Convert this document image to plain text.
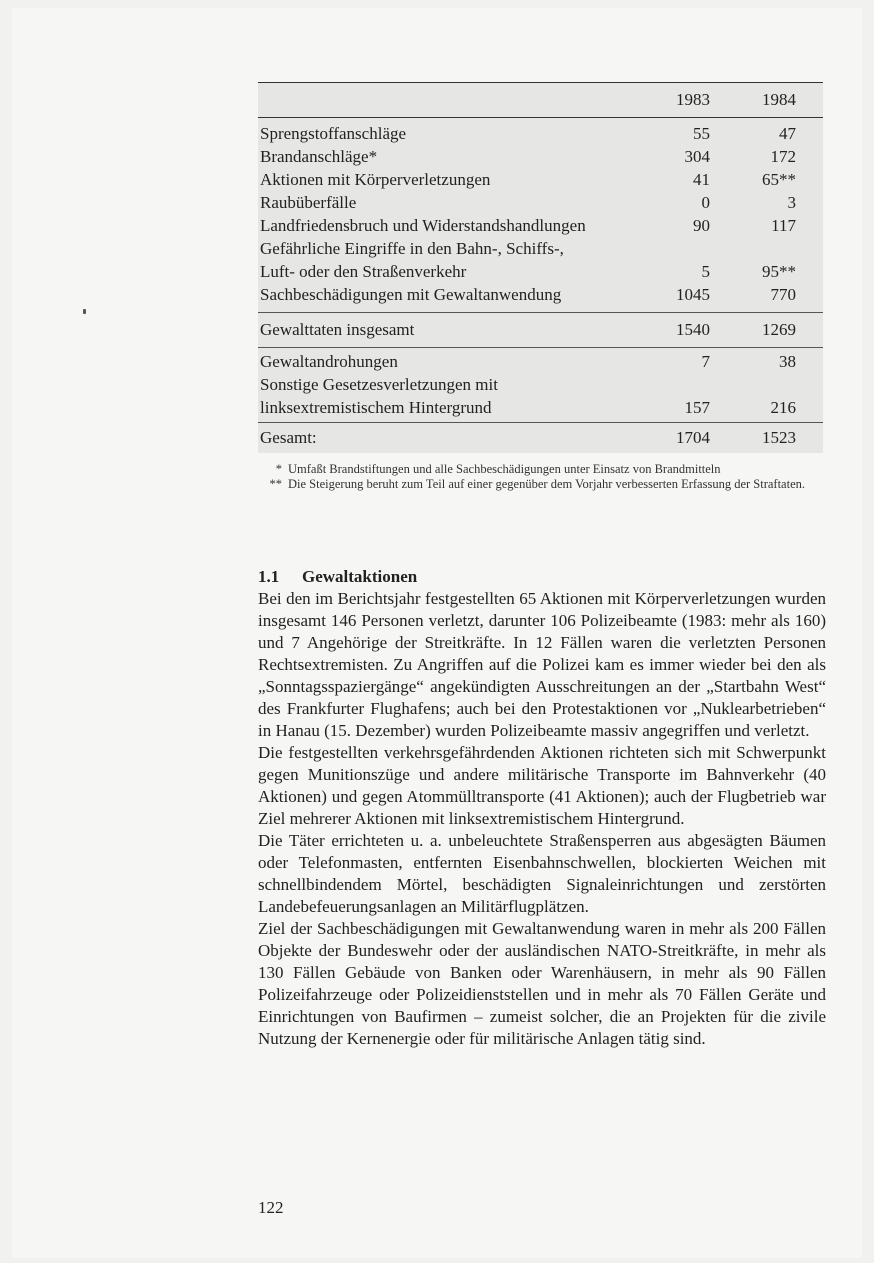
1983	1984
Sprengstoffanschläge	55	47
Brandanschläge*	304	172
Aktionen mit Körperverletzungen	41	65**
Raubüberfälle	0	3
Landfriedensbruch und Widerstandshandlungen	90	117
Gefährliche Eingriffe in den Bahn-, Schiffs-,
Luft- oder den Straßenverkehr	5	95**
Sachbeschädigungen mit Gewaltanwendung	1045	770
Gewalttaten insgesamt	1540	1269
Gewaltandrohungen	7	38
Sonstige Gesetzesverletzungen mit
linksextremistischem Hintergrund	157	216
Gesamt:	1704	1523
* Umfaßt Brandstiftungen und alle Sachbeschädigungen unter Einsatz von Brandmitteln
** Die Steigerung beruht zum Teil auf einer gegenüber dem Vorjahr verbesserten Erfassung der Straftaten.
1.1 Gewaltaktionen

Bei den im Berichtsjahr festgestellten 65 Aktionen mit Körperverletzungen wurden insgesamt 146 Personen verletzt, darunter 106 Polizeibeamte (1983: mehr als 160) und 7 Angehörige der Streitkräfte. In 12 Fällen waren die verletzten Personen Rechtsextremisten. Zu Angriffen auf die Polizei kam es immer wieder bei den als „Sonntagsspaziergänge“ angekündigten Ausschreitungen an der „Startbahn West“ des Frankfurter Flughafens; auch bei den Protestaktionen vor „Nuklearbetrieben“ in Hanau (15. Dezember) wurden Polizeibeamte massiv angegriffen und verletzt.

Die festgestellten verkehrsgefährdenden Aktionen richteten sich mit Schwerpunkt gegen Munitionszüge und andere militärische Transporte im Bahnverkehr (40 Aktionen) und gegen Atommülltransporte (41 Aktionen); auch der Flugbetrieb war Ziel mehrerer Aktionen mit linksextremistischem Hintergrund.

Die Täter errichteten u. a. unbeleuchtete Straßensperren aus abgesägten Bäumen oder Telefonmasten, entfernten Eisenbahnschwellen, blockierten Weichen mit schnellbindendem Mörtel, beschädigten Signaleinrichtungen und zerstörten Landebefeuerungsanlagen an Militärflugplätzen.

Ziel der Sachbeschädigungen mit Gewaltanwendung waren in mehr als 200 Fällen Objekte der Bundeswehr oder der ausländischen NATO-Streitkräfte, in mehr als 130 Fällen Gebäude von Banken oder Warenhäusern, in mehr als 90 Fällen Polizeifahrzeuge oder Polizeidienststellen und in mehr als 70 Fällen Geräte und Einrichtungen von Baufirmen – zumeist solcher, die an Projekten für die zivile Nutzung der Kernenergie oder für militärische Anlagen tätig sind.

122
